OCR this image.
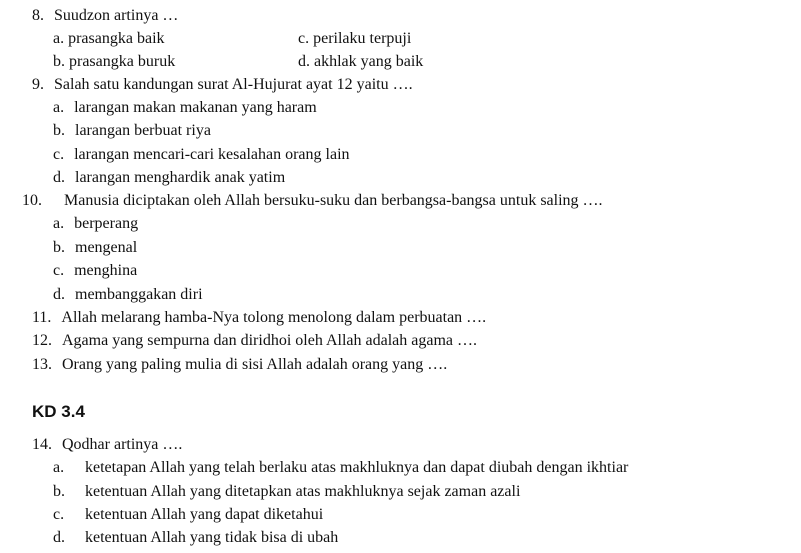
8. Suudzon artinya …
a. prasangka baik	c. perilaku terpuji
b. prasangka buruk	d. akhlak yang baik
9. Salah satu kandungan surat Al-Hujurat ayat 12 yaitu ….
a. larangan makan makanan yang haram
b. larangan berbuat riya
c. larangan mencari-cari kesalahan orang lain
d. larangan menghardik anak yatim
10. Manusia diciptakan oleh Allah bersuku-suku dan berbangsa-bangsa untuk saling ….
a. berperang
b. mengenal
c. menghina
d. membanggakan diri
11. Allah melarang hamba-Nya tolong menolong dalam perbuatan ….
12. Agama yang sempurna dan diridhoi oleh Allah adalah agama ….
13. Orang yang paling mulia di sisi Allah adalah orang yang ….
KD 3.4
14. Qodhar artinya ….
a. ketetapan Allah yang telah berlaku atas makhluknya dan dapat diubah dengan ikhtiar
b. ketentuan Allah yang ditetapkan atas makhluknya sejak zaman azali
c. ketentuan Allah yang dapat diketahui
d. ketentuan Allah yang tidak bisa di ubah
